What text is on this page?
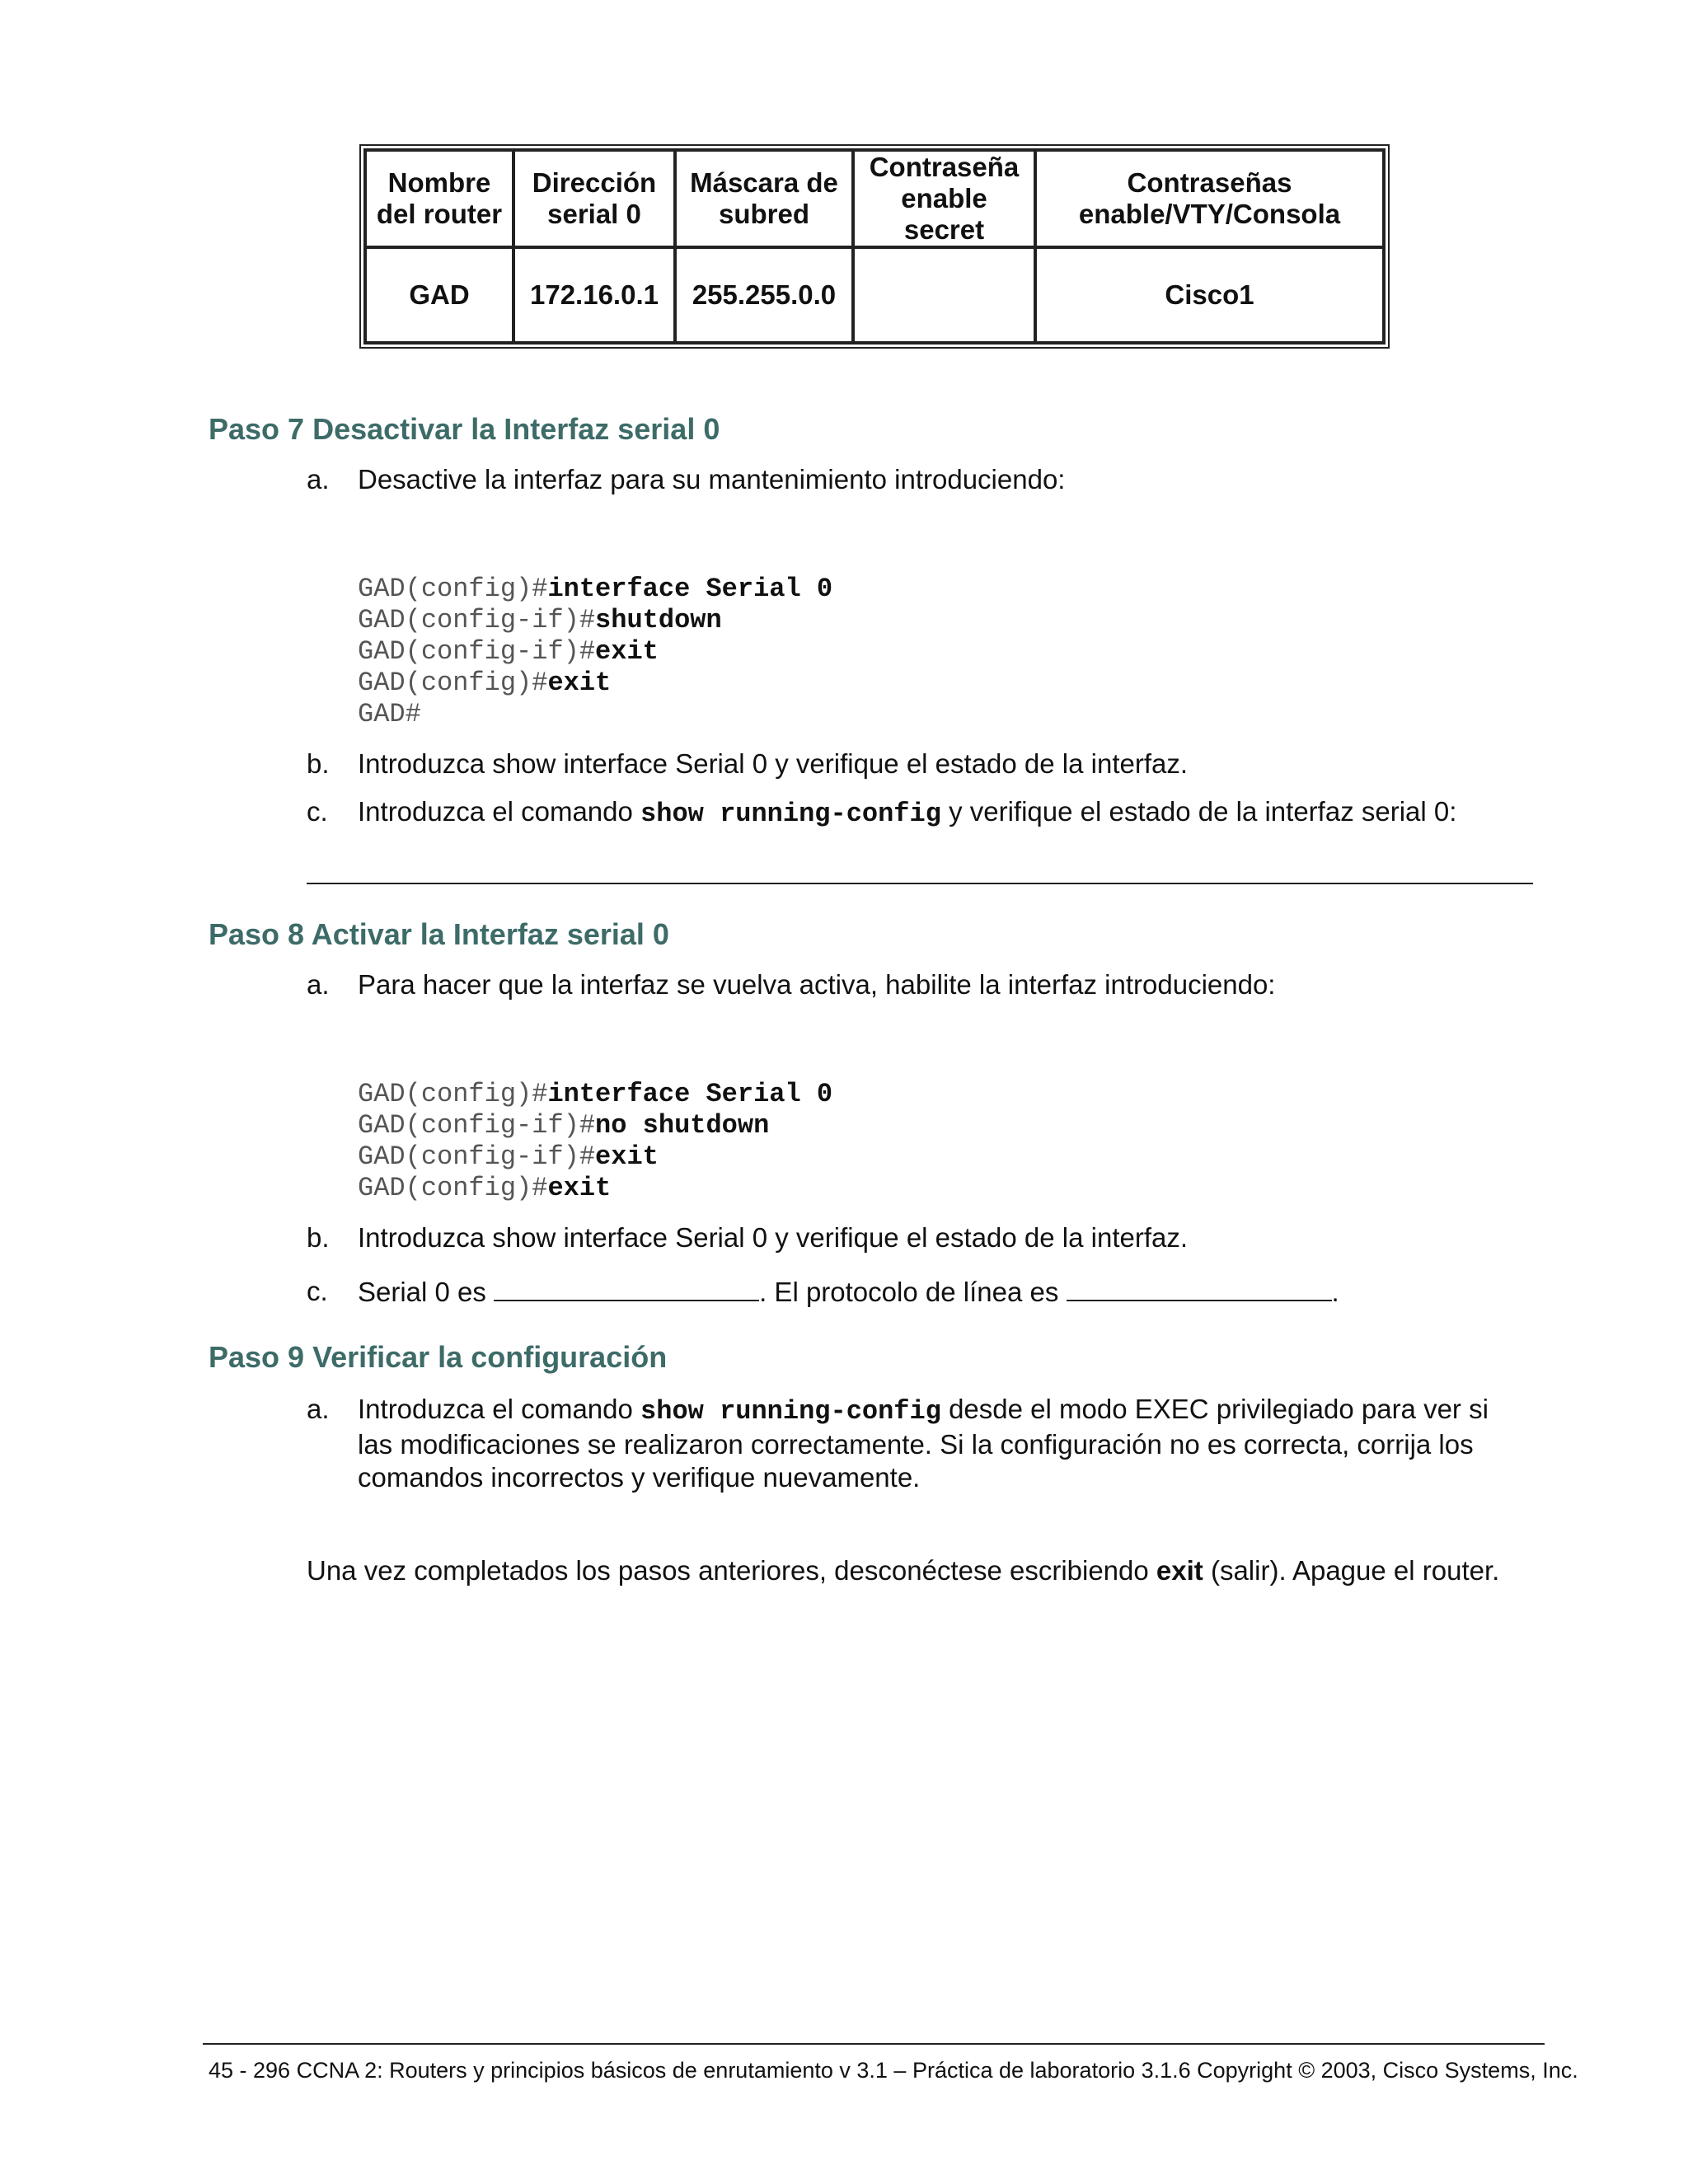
Nombre del router	Dirección serial 0	Máscara de subred	Contraseña enable secret	Contraseñas enable/VTY/Consola
GAD	172.16.0.1	255.255.0.0		Cisco1
Paso 7 Desactivar la Interfaz serial 0
a. Desactive la interfaz para su mantenimiento introduciendo:

GAD(config)#interface Serial 0
GAD(config-if)#shutdown
GAD(config-if)#exit
GAD(config)#exit
GAD#

b. Introduzca show interface Serial 0 y verifique el estado de la interfaz.
c. Introduzca el comando show running-config y verifique el estado de la interfaz serial 0:
Paso 8 Activar la Interfaz serial 0
a. Para hacer que la interfaz se vuelva activa, habilite la interfaz introduciendo:

GAD(config)#interface Serial 0
GAD(config-if)#no shutdown
GAD(config-if)#exit
GAD(config)#exit

b. Introduzca show interface Serial 0 y verifique el estado de la interfaz.
c. Serial 0 es	. El protocolo de línea es	.
Paso 9 Verificar la configuración
a. Introduzca el comando show running-config desde el modo EXEC privilegiado para ver si
las modificaciones se realizaron correctamente. Si la configuración no es correcta, corrija los
comandos incorrectos y verifique nuevamente.
Una vez completados los pasos anteriores, desconéctese escribiendo exit (salir). Apague el router.
45 - 296 CCNA 2: Routers y principios básicos de enrutamiento v 3.1 – Práctica de laboratorio 3.1.6 Copyright © 2003, Cisco Systems, Inc.
